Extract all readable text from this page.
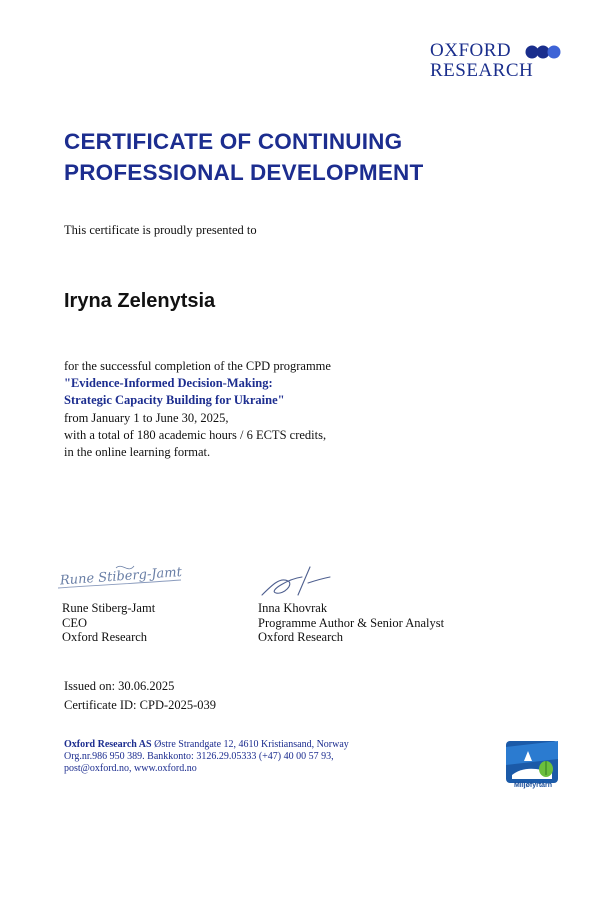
OXFORD
RESEARCH
CERTIFICATE OF CONTINUING
PROFESSIONAL DEVELOPMENT
This certificate is proudly presented to
Iryna Zelenytsia
for the successful completion of the CPD programme
"Evidence-Informed Decision-Making:
Strategic Capacity Building for Ukraine"
from January 1 to June 30, 2025,
with a total of 180 academic hours / 6 ECTS credits,
in the online learning format.
Rune Stiberg-Jamt
Rune Stiberg-Jamt
CEO
Oxford Research
Inna Khovrak
Programme Author & Senior Analyst
Oxford Research
Issued on: 30.06.2025
Certificate ID: CPD-2025-039
Oxford Research AS Østre Strandgate 12, 4610 Kristiansand, Norway
Org.nr.986 950 389. Bankkonto: 3126.29.05333 (+47) 40 00 57 93,
post@oxford.no, www.oxford.no
Miljøfyrtårn
